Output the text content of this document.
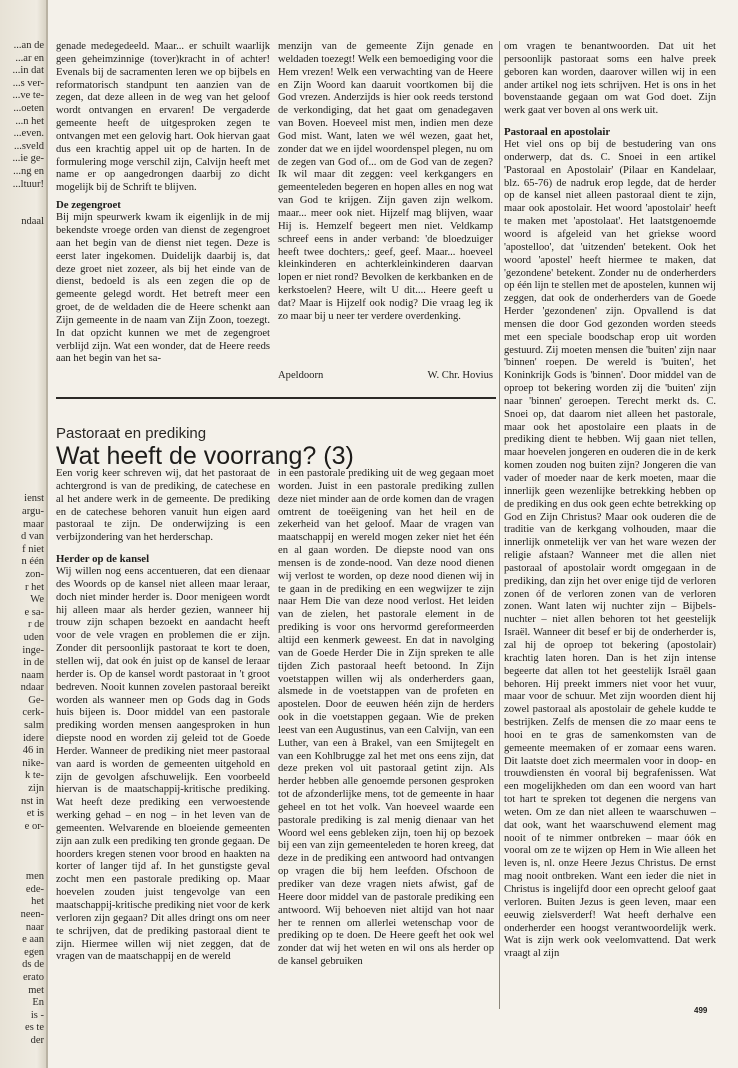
...an de
...ar en
...in dat
...s ver-
...ve te-
...oeten
...n het
...even.
...sveld
...ie ge-
...ng en
...ltuur!

ndaal

ienst
argu-
maar
d van
f niet
n één
zon-
r het
We
e sa-
r de
uden
inge-
in de
naam
ndaar
Ge-
cerk-
salm
idere
46 in
nike-
k te-
zijn
nst in
et is
e or-

men
ede-
het
neen-
naar
e aan
egen
ds de
erato
met
En
is -
es te
der

genade medegedeeld. Maar... er schuilt waarlijk geen geheimzinnige (tover)kracht in of achter! Evenals bij de sacramenten leren we op bijbels en reformatorisch standpunt ten aanzien van de zegen, dat deze alleen in de weg van het geloof wordt ontvangen en ervaren! De vergaderde gemeente heeft de uitgesproken zegen te ontvangen met een gelovig hart. Ook hiervan gaat dus een krachtig appel uit op de harten. In de formulering moge verschil zijn, Calvijn heeft met name er op aangedrongen daarbij zo dicht mogelijk bij de Schrift te blijven.

De zegengroet

Bij mijn speurwerk kwam ik eigenlijk in de mij bekendste vroege orden van dienst de zegengroet aan het begin van de dienst niet tegen. Deze is eerst later ingekomen. Duidelijk daarbij is, dat deze groet niet zozeer, als bij het einde van de dienst, bedoeld is als een zegen die op de gemeente gelegd wordt. Het betreft meer een groet, de de weldaden die de Heere schenkt aan Zijn gemeente in de naam van Zijn Zoon, toezegt. In dat opzicht kunnen we met de zegengroet verblijd zijn. Wat een wonder, dat de Heere reeds aan het begin van het sa-

menzijn van de gemeente Zijn genade en weldaden toezegt! Welk een bemoediging voor die Hem vrezen! Welk een verwachting van de Heere en Zijn Woord kan daaruit voortkomen bij die God vrezen. Anderzijds is hier ook reeds terstond de verkondiging, dat het gaat om genadegaven van Boven. Hoeveel mist men, indien men deze God mist. Want, laten we wél wezen, gaat het, zonder dat we en ijdel woordenspel plegen, nu om de zegen van God of... om de God van de zegen? Ik wil maar dit zeggen: veel kerkgangers en gemeenteleden begeren en hopen alles en nog wat van God te krijgen. Zijn gaven zijn welkom. maar... meer ook niet. Hijzelf mag blijven, waar Hij is. Hemzelf begeert men niet. Veldkamp schreef eens in ander verband: 'de bloedzuiger heeft twee dochters,: geef, geef. Maar... hoeveel kleinkinderen en achterkleinkinderen daarvan lopen er niet rond? Bevolken de kerkbanken en de kerkstoelen? Heere, wilt U dit.... Heere geeft u dat? Maar is Hijzelf ook nodig? Die vraag leg ik zo maar bij u neer ter verdere overdenking.

Apeldoorn	W. Chr. Hovius
Pastoraat en prediking
Wat heeft de voorrang? (3)

Een vorig keer schreven wij, dat het pastoraat de achtergrond is van de prediking, de catechese en al het andere werk in de gemeente. De prediking en de catechese behoren vanuit hun eigen aard pastoraal te zijn. De onderwijzing is een verbijzondering van het herderschap.

Herder op de kansel

Wij willen nog eens accentueren, dat een dienaar des Woords op de kansel niet alleen maar leraar, doch niet minder herder is. Door menigeen wordt hij alleen maar als herder gezien, wanneer hij trouw zijn schapen bezoekt en aandacht heeft voor de vele vragen en problemen die er zijn. Zonder dit persoonlijk pastoraat te kort te doen, stellen wij, dat ook én juist op de kansel de leraar herder is. Op de kansel wordt pastoraat in 't groot bedreven. Nooit kunnen zovelen pastoraal bereikt worden als wanneer men op Gods dag in Gods huis bijeen is. Door middel van een pastorale prediking worden mensen aangesproken in hun diepste nood en worden zij geleid tot de Goede Herder. Wanneer de prediking niet meer pastoraal van aard is worden de gemeenten uitgehold en zijn de gevolgen afschuwelijk. Een voorbeeld hiervan is de maatschappij-kritische prediking. Wat heeft deze prediking een verwoestende werking gehad – en nog – in het leven van de gemeenten. Welvarende en bloeiende gemeenten zijn aan zulk een prediking ten gronde gegaan. De hoorders kregen stenen voor brood en haakten na korter of langer tijd af. In het gunstigste geval zocht men een pastorale prediking op. Maar hoevelen zouden juist tengevolge van een maatschappij-kritische prediking niet voor de kerk verloren zijn gegaan? Dit alles dringt ons om neer te schrijven, dat de prediking pastoraal dient te zijn. Hiermee willen wij niet zeggen, dat de vragen van de maatschappij en de wereld

in een pastorale prediking uit de weg gegaan moet worden. Juist in een pastorale prediking zullen deze niet minder aan de orde komen dan de vragen omtrent de toeëigening van het heil en de zekerheid van het geloof. Maar de vragen van maatschappij en wereld mogen zeker niet het één en al gaan worden. De diepste nood van ons mensen is de zonde-nood. Van deze nood dienen wij verlost te worden, op deze nood dienen wij in te gaan in de prediking en een wegwijzer te zijn naar Hem Die van deze nood verlost. Het leiden van de zielen, het pastorale element in de prediking is voor ons hervormd gereformeerden altijd een kenmerk geweest. En dat in navolging van de Goede Herder Die in Zijn spreken te alle tijden Zich pastoraal heeft betoond. In Zijn voetstappen willen wij als onderherders gaan, alsmede in de voetstappen van de profeten en apostelen. Door de eeuwen héén zijn de herders ook in die voetstappen gegaan. Wie de preken leest van een Augustinus, van een Calvijn, van een Luther, van een à Brakel, van een Smijtegelt en van een Kohlbrugge zal het met ons eens zijn, dat deze preken vol uit pastoraal getint zijn. Als herder hebben alle genoemde personen gesproken tot de afzonderlijke mens, tot de gemeente in haar geheel en tot het volk. Van hoeveel waarde een pastorale prediking is zal menig dienaar van het Woord wel eens gebleken zijn, toen hij op bezoek bij een van zijn gemeenteleden te horen kreeg, dat deze in de prediking een antwoord had ontvangen op vragen die bij hem leefden. Ofschoon de prediker van deze vragen niets afwist, gaf de Heere door middel van de pastorale prediking een antwoord. Wij behoeven niet altijd van hot naar her te rennen om allerlei wetenschap voor de prediking op te doen. De Heere geeft het ook wel zonder dat wij het weten en wil ons als herder op de kansel gebruiken

om vragen te benantwoorden. Dat uit het persoonlijk pastoraat soms een halve preek geboren kan worden, daarover willen wij in een ander artikel nog iets schrijven. Het is ons in het bovenstaande gegaan om wat God doet. Zijn werk gaat ver boven al ons werk uit.

Pastoraal en apostolair

Het viel ons op bij de bestudering van ons onderwerp, dat ds. C. Snoei in een artikel 'Pastoraal en Apostolair' (Pilaar en Kandelaar, blz. 65-76) de nadruk erop legde, dat de herder op de kansel niet alleen pastoraal dient te zijn, maar ook apostolair. Het woord 'apostolair' heeft te maken met 'apostolaat'. Het laatstgenoemde woord is afgeleid van het griekse woord 'apostelloo', dat 'uitzenden' betekent. Ook het woord 'apostel' heeft hiermee te maken, dat 'gezondene' betekent. Zonder nu de onderherders op één lijn te stellen met de apostelen, kunnen wij zeggen, dat ook de onderherders van de Goede Herder 'gezondenen' zijn. Opvallend is dat mensen die door God gezonden worden steeds met een speciale boodschap erop uit worden gestuurd. Zij moeten mensen die 'buiten' zijn naar 'binnen' roepen. De wereld is 'buiten', het Koninkrijk Gods is 'binnen'. Door middel van de oproep tot bekering worden zij die 'buiten' zijn naar 'binnen' geroepen. Terecht merkt ds. C. Snoei op, dat daarom niet alleen het pastorale, maar ook het apostolaire een plaats in de prediking dient te hebben. Wij gaan niet tellen, maar hoevelen jongeren en ouderen die in de kerk komen zouden nog buiten zijn? Jongeren die van vader of moeder naar de kerk moeten, maar die innerlijk geen wezenlijke betrekking hebben op de prediking en dus ook geen echte betrekking op God en Zijn Christus? Maar ook ouderen die de traditie van de kerkgang volhouden, maar die innerlijk onmetelijk ver van het ware wezen der religie afstaan? Wanneer met die allen niet pastoraal of apostolair wordt omgegaan in de prediking, dan zijn het over enige tijd de verloren zonen óf de verloren zonen van de verloren zonen. Want laten wij nuchter zijn – Bijbels-nuchter – niet allen behoren tot het geestelijk Israël. Wanneer dit besef er bij de onderherder is, zal hij de oproep tot bekering (apostolair) krachtig laten horen. Dan is het zijn intense begeerte dat allen tot het geestelijk Israël gaan behoren. Hij preekt immers niet voor het vuur, maar voor de schuur. Met zijn woorden dient hij zowel pastoraal als apostolair de gehele kudde te bestrijken. Zelfs de mensen die zo maar eens te hooi en te gras de samenkomsten van de gemeente meemaken of er zomaar eens waren. Dit laatste doet zich meermalen voor in doop- en trouwdiensten én vooral bij begrafenissen. Wat een mogelijkheden om dan een woord van hart tot hart te spreken tot degenen die nergens van weten. Om ze dan niet alleen te waarschuwen – dat ook, want het waarschuwend element mag nooit of te nimmer ontbreken – maar óók en vooral om ze te wijzen op Hem in Wie alleen het leven is, nl. onze Heere Jezus Christus. De ernst mag nooit ontbreken. Want een ieder die niet in Christus is ingelijfd door een oprecht geloof gaat verloren. Buiten Jezus is geen leven, maar een eeuwig zielsverderf! Wat heeft derhalve een onderherder een hoogst verantwoordelijk werk. Wat is zijn werk ook veelomvattend. Dat werk vraagt al zijn

499
